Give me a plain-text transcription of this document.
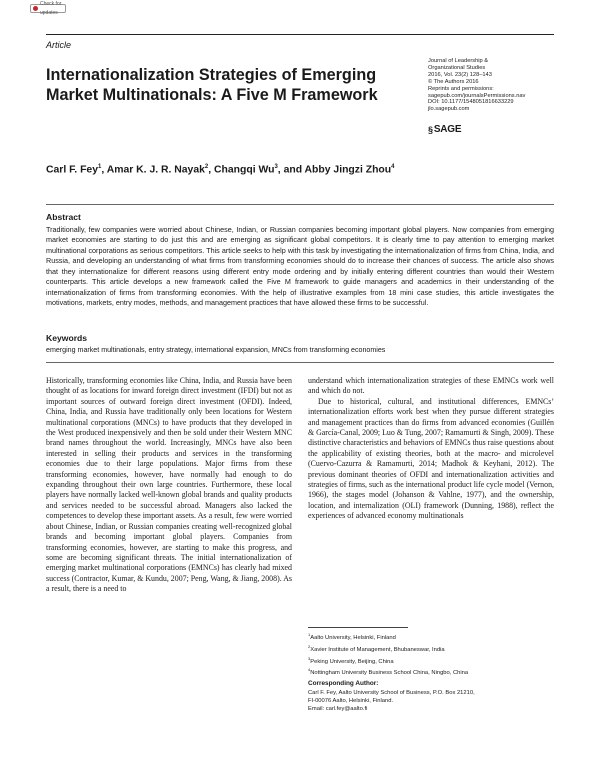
Check for updates
Article
Internationalization Strategies of Emerging Market Multinationals: A Five M Framework
Journal of Leadership &
Organizational Studies
2016, Vol. 23(2) 128–143
© The Authors 2016
Reprints and permissions:
sagepub.com/journalsPermissions.nav
DOI: 10.1177/1548051816633229
jlo.sagepub.com
§ SAGE
Carl F. Fey$^1$, Amar K. J. R. Nayak$^2$, Changqi Wu$^3$, and Abby Jingzi Zhou$^4$
Abstract

Traditionally, few companies were worried about Chinese, Indian, or Russian companies becoming important global players. Now companies from emerging market economies are starting to do just this and are emerging as significant global competitors. It is clearly time to pay attention to emerging market multinational corporations as serious competitors. This article seeks to help with this task by investigating the internationalization of firms from China, India, and Russia, and developing an understanding of what firms from transforming economies should do to increase their chances of success. The article also shows that they internationalize for different reasons using different entry mode ordering and by initially entering different countries than would their Western counterparts. This article develops a new framework called the Five M framework to guide managers and academics in their understanding of the internationalization of firms from transforming economies. With the help of illustrative examples from 18 mini case studies, this article investigates the motivations, markets, entry modes, methods, and management practices that have allowed these firms to be successful.

Keywords
emerging market multinationals, entry strategy, international expansion, MNCs from transforming economies

Historically, transforming economies like China, India, and Russia have been thought of as locations for inward foreign direct investment (IFDI) but not as important sources of outward foreign direct investment (OFDI). Indeed, China, India, and Russia have traditionally only been locations for Western multinational corporations (MNCs) to have products that they developed in the West produced inexpensively and then be sold under their Western MNC brand names throughout the world. Increasingly, MNCs have also been interested in selling their products and services in the transforming economies due to their large populations. Major firms from these transforming economies, however, have normally had enough to do expanding throughout their own large countries. Furthermore, these local players have normally lacked well-known global brands and quality products and services needed to be successful abroad. Managers also lacked the competences to develop these important assets. As a result, few were worried about Chinese, Indian, or Russian companies creating well-recognized global brands and becoming important global players. Companies from transforming economies, however, are starting to make this progress, and some are becoming significant threats. The initial internationalization of emerging market multinational corporations (EMNCs) has clearly had mixed success (Contractor, Kumar, & Kundu, 2007; Peng, Wang, & Jiang, 2008). As a result, there is a need to

understand which internationalization strategies of these EMNCs work well and which do not.

Due to historical, cultural, and institutional differences, EMNCs’ internationalization efforts work best when they pursue different strategies and management practices than do firms from advanced economies (Guillén & García-Canal, 2009; Luo & Tung, 2007; Ramamurti & Singh, 2009). These distinctive characteristics and behaviors of EMNCs thus raise questions about the applicability of existing theories, both at the macro- and microlevel (Cuervo-Cazurra & Ramamurti, 2014; Madhok & Keyhani, 2012). The previous dominant theories of OFDI and internationalization activities and strategies of firms, such as the international product life cycle model (Vernon, 1966), the stages model (Johanson & Vahlne, 1977), and the ownership, location, and internalization (OLI) framework (Dunning, 1988), reflect the experiences of advanced economy multinationals

$^1$Aalto University, Helsinki, Finland
$^2$Xavier Institute of Management, Bhubaneswar, India
$^3$Peking University, Beijing, China
$^4$Nottingham University Business School China, Ningbo, China
Corresponding Author:
Carl F. Fey, Aalto University School of Business, P.O. Box 21210,
FI-00076 Aalto, Helsinki, Finland.
Email: carl.fey@aalto.fi
